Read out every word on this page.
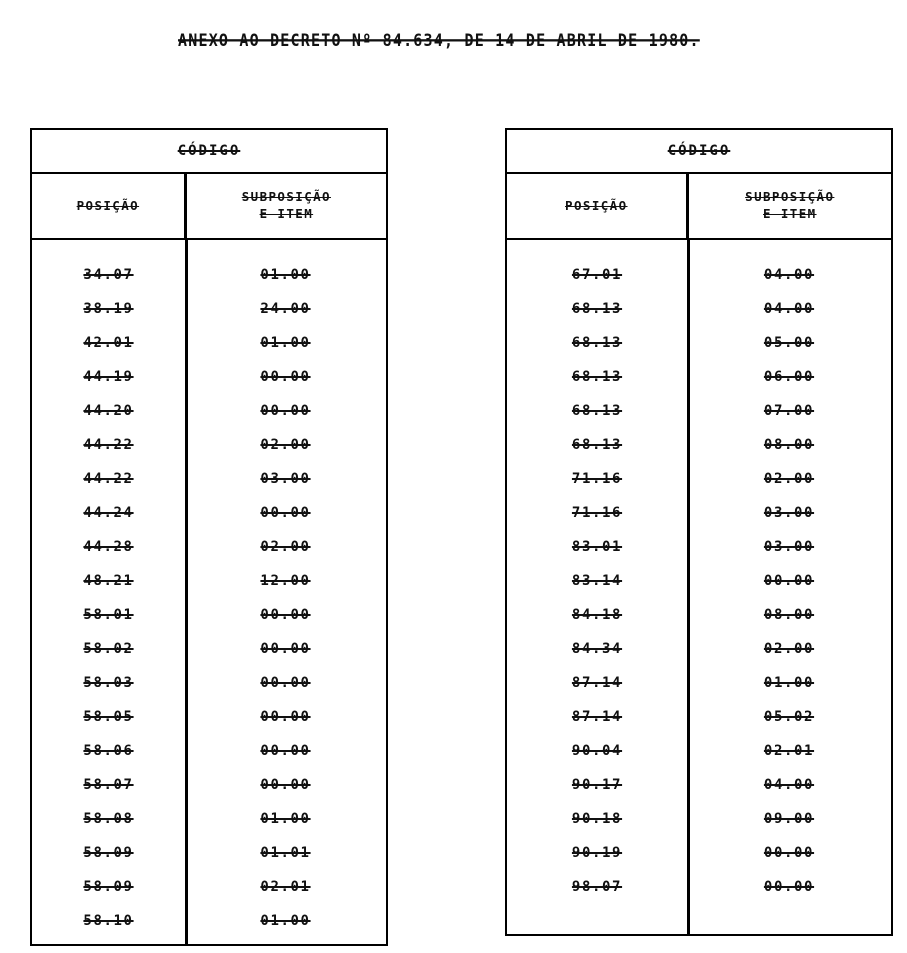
ANEXO AO DECRETO Nº 84.634, DE 14 DE ABRIL DE 1980.
CÓDIGO
POSIÇÃO
SUBPOSIÇÃO
E ITEM
34.07	01.00
38.19	24.00
42.01	01.00
44.19	00.00
44.20	00.00
44.22	02.00
44.22	03.00
44.24	00.00
44.28	02.00
48.21	12.00
58.01	00.00
58.02	00.00
58.03	00.00
58.05	00.00
58.06	00.00
58.07	00.00
58.08	01.00
58.09	01.01
58.09	02.01
58.10	01.00
CÓDIGO
POSIÇÃO
SUBPOSIÇÃO
E ITEM
67.01	04.00
68.13	04.00
68.13	05.00
68.13	06.00
68.13	07.00
68.13	08.00
71.16	02.00
71.16	03.00
83.01	03.00
83.14	00.00
84.18	08.00
84.34	02.00
87.14	01.00
87.14	05.02
90.04	02.01
90.17	04.00
90.18	09.00
90.19	00.00
98.07	00.00
